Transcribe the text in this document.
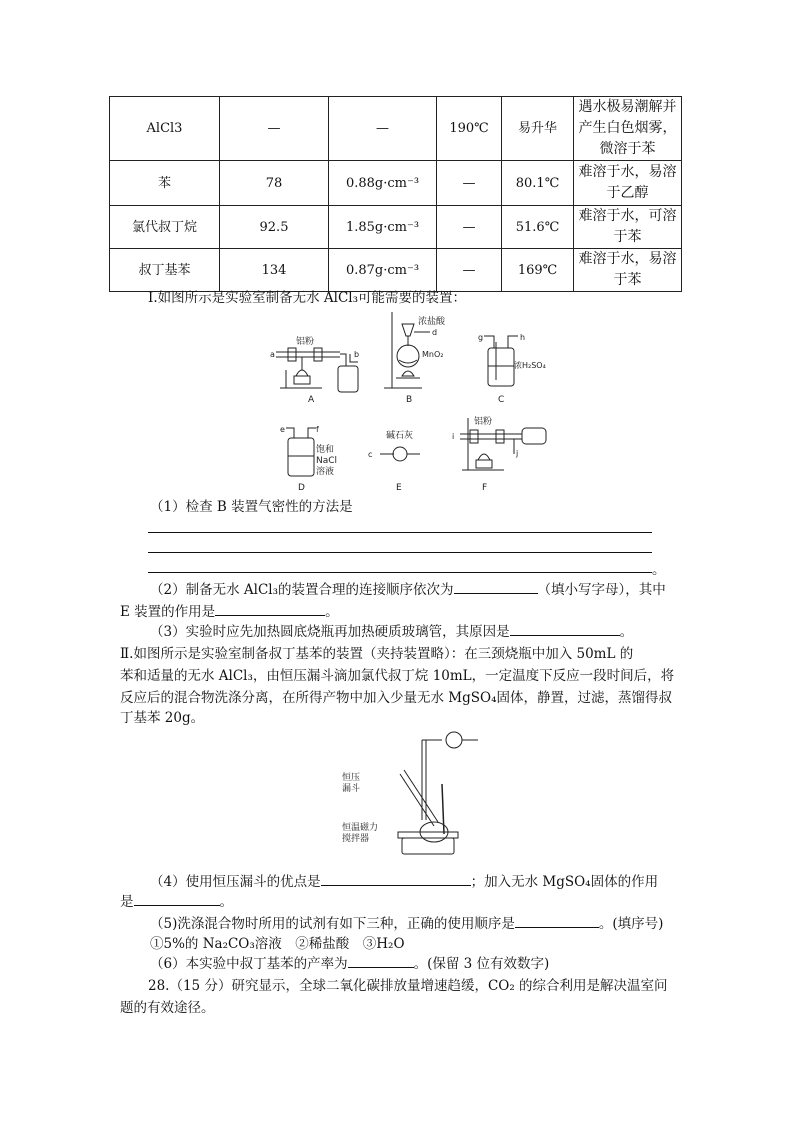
AlCl3	—	—	190℃	易升华	遇水极易潮解并产生白色烟雾，微溶于苯
苯	78	0.88g·cm⁻³	—	80.1℃	难溶于水，易溶于乙醇
氯代叔丁烷	92.5	1.85g·cm⁻³	—	51.6℃	难溶于水，可溶于苯
叔丁基苯	134	0.87g·cm⁻³	—	169℃	难溶于水，易溶于苯
Ⅰ.如图所示是实验室制备无水 AlCl₃可能需要的装置：
a	b
铝粉
A
浓盐酸
d
MnO₂
B
g	h
浓H₂SO₄
C
e	f
饱和
NaCl
溶液
D
c
碱石灰
E
i
j
铝粉
F
（1）检查 B 装置气密性的方法是
。
（2）制备无水 AlCl₃的装置合理的连接顺序依次为	（填小写字母），其中
E 装置的作用是	。
（3）实验时应先加热圆底烧瓶再加热硬质玻璃管，其原因是	。
Ⅱ.如图所示是实验室制备叔丁基苯的装置（夹持装置略）：在三颈烧瓶中加入 50mL 的
苯和适量的无水 AlCl₃，由恒压漏斗滴加氯代叔丁烷 10mL，一定温度下反应一段时间后，将
反应后的混合物洗涤分离，在所得产物中加入少量无水 MgSO₄固体，静置，过滤，蒸馏得叔
丁基苯 20g。
恒压
漏斗
恒温磁力
搅拌器
（4）使用恒压漏斗的优点是	；加入无水 MgSO₄固体的作用
是	。
（5)洗涤混合物时所用的试剂有如下三种，正确的使用顺序是	。(填序号)
①5%的 Na₂CO₃溶液　②稀盐酸　③H₂O
（6）本实验中叔丁基苯的产率为	。(保留 3 位有效数字)
28.（15 分）研究显示，全球二氧化碳排放量增速趋缓，CO₂ 的综合利用是解决温室问
题的有效途径。
